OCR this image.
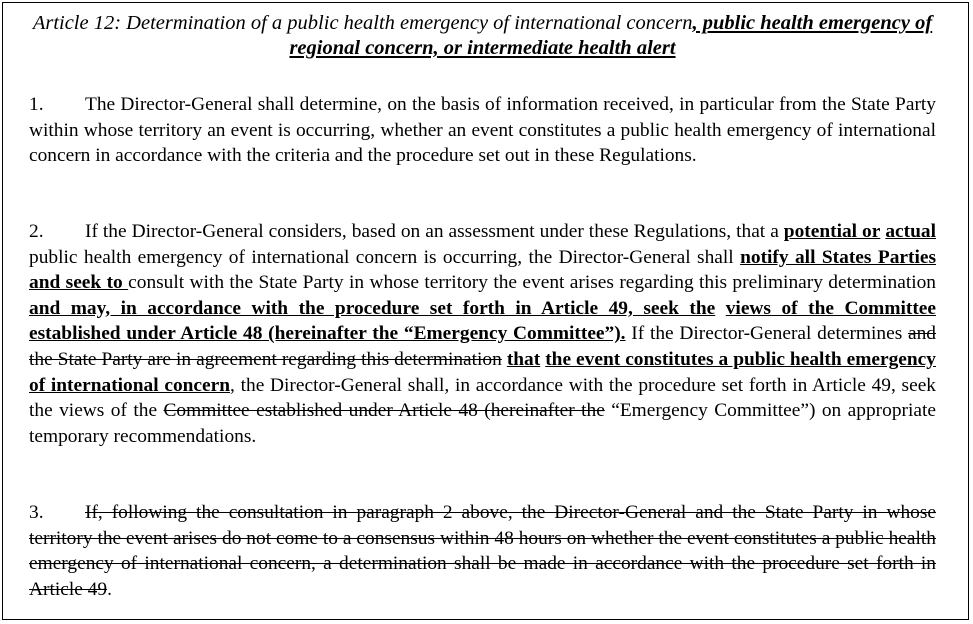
Article 12: Determination of a public health emergency of international concern, public health emergency of regional concern, or intermediate health alert
1. The Director-General shall determine, on the basis of information received, in particular from the State Party within whose territory an event is occurring, whether an event constitutes a public health emergency of international concern in accordance with the criteria and the procedure set out in these Regulations.
2. If the Director-General considers, based on an assessment under these Regulations, that a potential or actual public health emergency of international concern is occurring, the Director-General shall notify all States Parties and seek to consult with the State Party in whose territory the event arises regarding this preliminary determination and may, in accordance with the procedure set forth in Article 49, seek the views of the Committee established under Article 48 (hereinafter the “Emergency Committee”). If the Director-General determines and the State Party are in agreement regarding this determination that the event constitutes a public health emergency of international concern, the Director-General shall, in accordance with the procedure set forth in Article 49, seek the views of the Committee established under Article 48 (hereinafter the “Emergency Committee”) on appropriate temporary recommendations.
3. If, following the consultation in paragraph 2 above, the Director-General and the State Party in whose territory the event arises do not come to a consensus within 48 hours on whether the event constitutes a public health emergency of international concern, a determination shall be made in accordance with the procedure set forth in Article 49.
